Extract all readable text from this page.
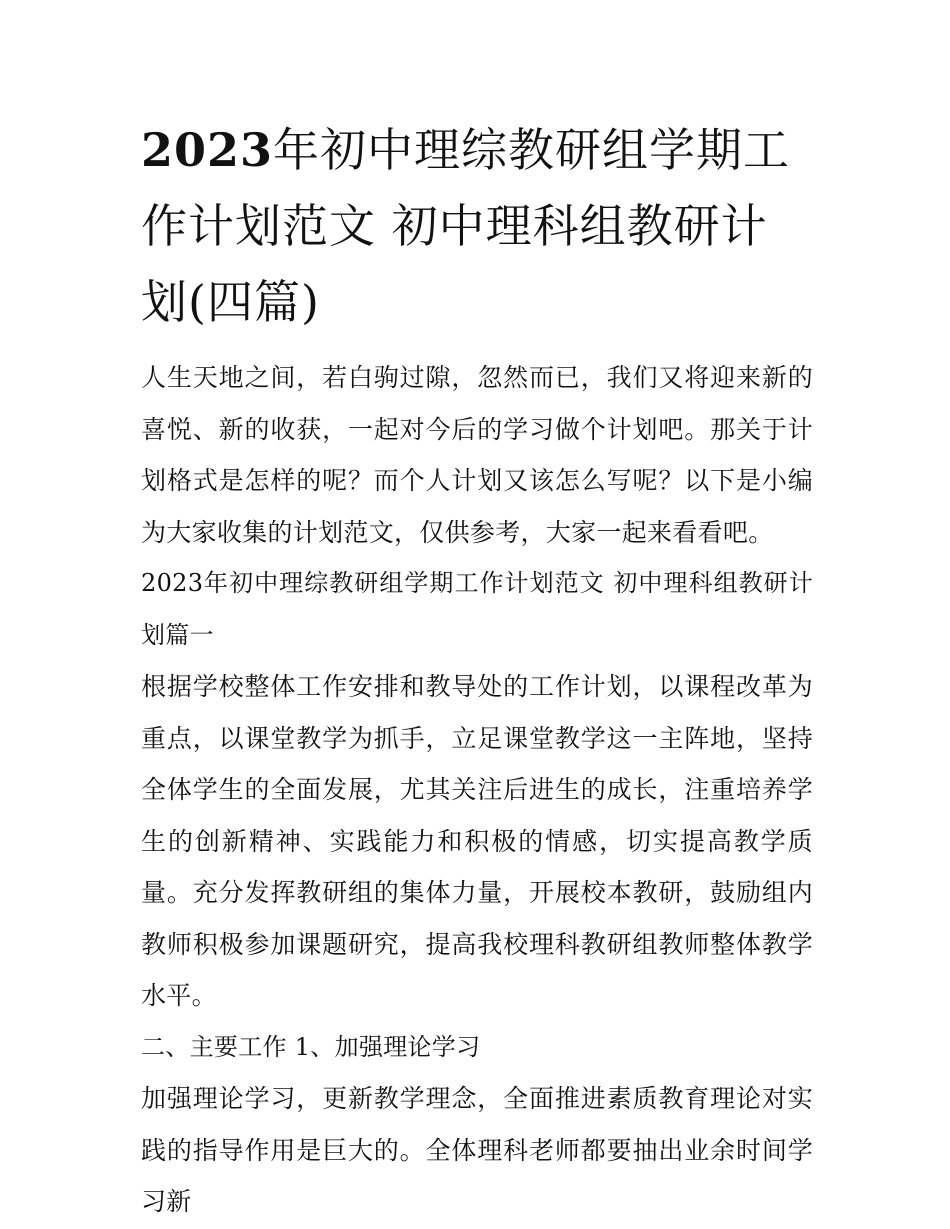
2023年初中理综教研组学期工作计划范文 初中理科组教研计划(四篇)

人生天地之间，若白驹过隙，忽然而已，我们又将迎来新的喜悦、新的收获，一起对今后的学习做个计划吧。那关于计划格式是怎样的呢？而个人计划又该怎么写呢？以下是小编为大家收集的计划范文，仅供参考，大家一起来看看吧。

2023年初中理综教研组学期工作计划范文 初中理科组教研计划篇一

根据学校整体工作安排和教导处的工作计划，以课程改革为重点，以课堂教学为抓手，立足课堂教学这一主阵地，坚持全体学生的全面发展，尤其关注后进生的成长，注重培养学生的创新精神、实践能力和积极的情感，切实提高教学质量。充分发挥教研组的集体力量，开展校本教研，鼓励组内教师积极参加课题研究，提高我校理科教研组教师整体教学水平。

二、主要工作 1、加强理论学习

加强理论学习，更新教学理念，全面推进素质教育理论对实践的指导作用是巨大的。全体理科老师都要抽出业余时间学习新
